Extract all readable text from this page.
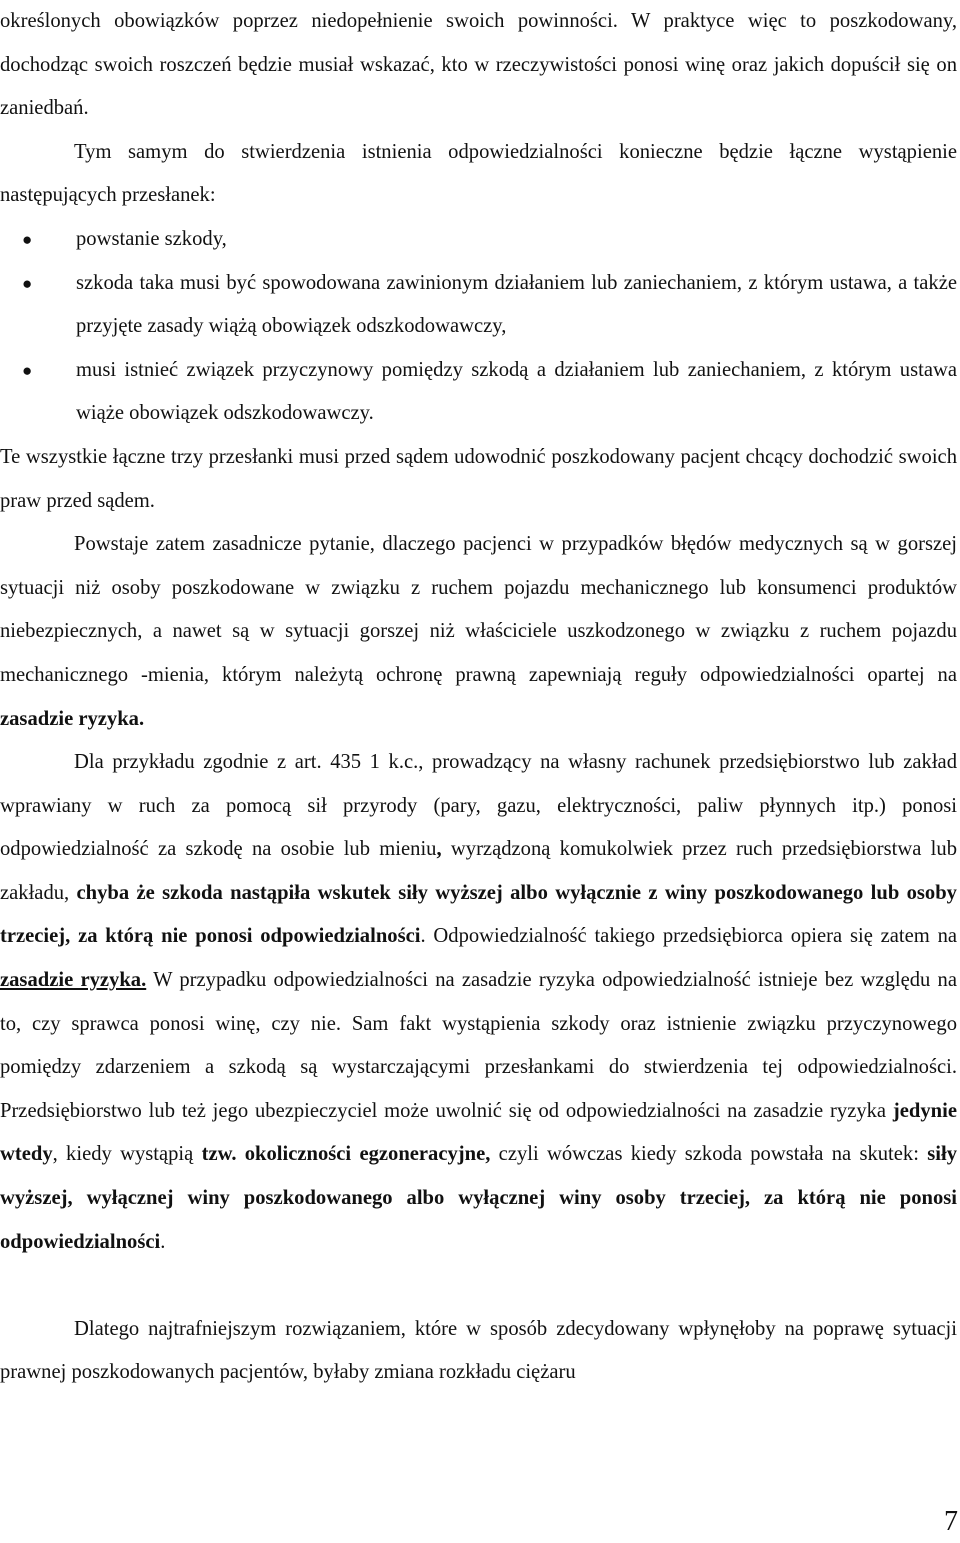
określonych obowiązków poprzez niedopełnienie swoich powinności. W praktyce więc to poszkodowany, dochodząc swoich roszczeń będzie musiał wskazać, kto w rzeczywistości ponosi winę oraz jakich dopuścił się on zaniedbań.

Tym samym do stwierdzenia istnienia odpowiedzialności konieczne będzie łączne wystąpienie następujących przesłanek:

● powstanie szkody,
● szkoda taka musi być spowodowana zawinionym działaniem lub zaniechaniem, z którym ustawa, a także przyjęte zasady wiążą obowiązek odszkodowawczy,
● musi istnieć związek przyczynowy pomiędzy szkodą a działaniem lub zaniechaniem, z którym ustawa wiąże obowiązek odszkodowawczy.

Te wszystkie łączne trzy przesłanki musi przed sądem udowodnić poszkodowany pacjent chcący dochodzić swoich praw przed sądem.

Powstaje zatem zasadnicze pytanie, dlaczego pacjenci w przypadków błędów medycznych są w gorszej sytuacji niż osoby poszkodowane w związku z ruchem pojazdu mechanicznego lub konsumenci produktów niebezpiecznych, a nawet są w sytuacji gorszej niż właściciele uszkodzonego w związku z ruchem pojazdu mechanicznego -mienia, którym należytą ochronę prawną zapewniają reguły odpowiedzialności opartej na zasadzie ryzyka.

Dla przykładu zgodnie z art. 435 1 k.c., prowadzący na własny rachunek przedsiębiorstwo lub zakład wprawiany w ruch za pomocą sił przyrody (pary, gazu, elektryczności, paliw płynnych itp.) ponosi odpowiedzialność za szkodę na osobie lub mieniu, wyrządzoną komukolwiek przez ruch przedsiębiorstwa lub zakładu, chyba że szkoda nastąpiła wskutek siły wyższej albo wyłącznie z winy poszkodowanego lub osoby trzeciej, za którą nie ponosi odpowiedzialności. Odpowiedzialność takiego przedsiębiorca opiera się zatem na zasadzie ryzyka. W przypadku odpowiedzialności na zasadzie ryzyka odpowiedzialność istnieje bez względu na to, czy sprawca ponosi winę, czy nie. Sam fakt wystąpienia szkody oraz istnienie związku przyczynowego pomiędzy zdarzeniem a szkodą są wystarczającymi przesłankami do stwierdzenia tej odpowiedzialności. Przedsiębiorstwo lub też jego ubezpieczyciel może uwolnić się od odpowiedzialności na zasadzie ryzyka jedynie wtedy, kiedy wystąpią tzw. okoliczności egzoneracyjne, czyli wówczas kiedy szkoda powstała na skutek: siły wyższej, wyłącznej winy poszkodowanego albo wyłącznej winy osoby trzeciej, za którą nie ponosi odpowiedzialności.

Dlatego najtrafniejszym rozwiązaniem, które w sposób zdecydowany wpłynęłoby na poprawę sytuacji prawnej poszkodowanych pacjentów, byłaby zmiana rozkładu ciężaru

7
